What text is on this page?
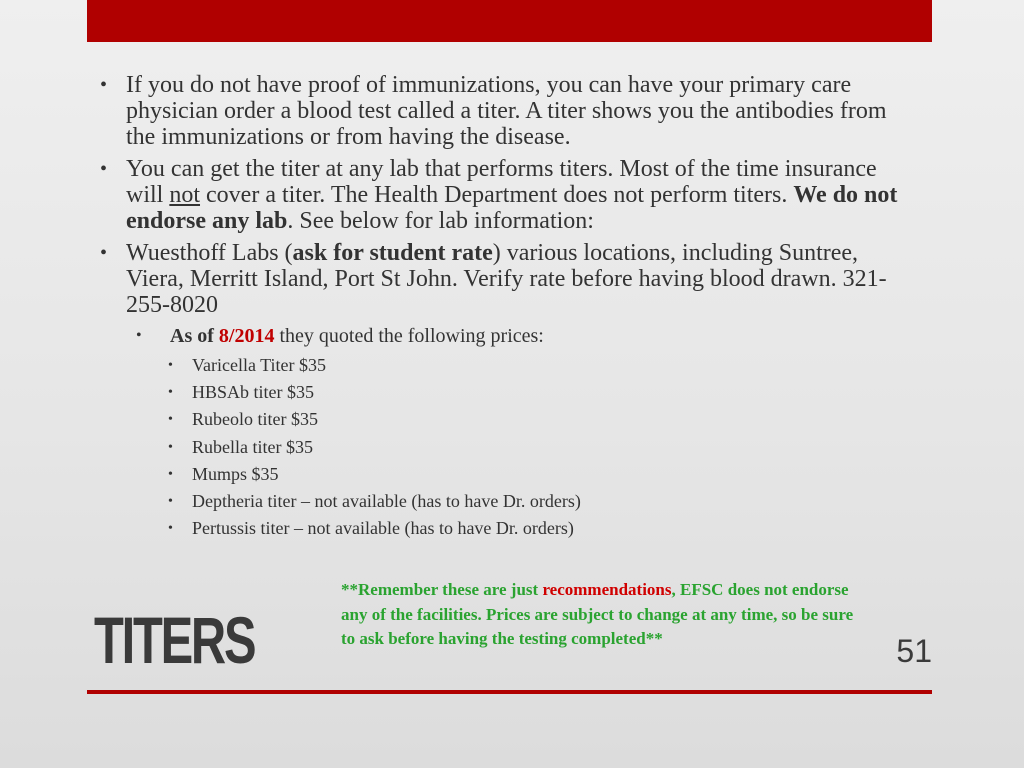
• If you do not have proof of immunizations, you can have your primary care physician order a blood test called a titer. A titer shows you the antibodies from the immunizations or from having the disease.
• You can get the titer at any lab that performs titers. Most of the time insurance will not cover a titer. The Health Department does not perform titers. We do not endorse any lab. See below for lab information:
• Wuesthoff Labs (ask for student rate) various locations, including Suntree, Viera, Merritt Island, Port St John. Verify rate before having blood drawn. 321-255-8020
• As of 8/2014 they quoted the following prices:
• Varicella Titer $35
• HBSAb titer $35
• Rubeolo titer $35
• Rubella titer $35
• Mumps $35
• Deptheria titer – not available (has to have Dr. orders)
• Pertussis titer – not available (has to have Dr. orders)
**Remember these are just recommendations, EFSC does not endorse any of the facilities. Prices are subject to change at any time, so be sure to ask before having the testing completed**
TITERS	51
